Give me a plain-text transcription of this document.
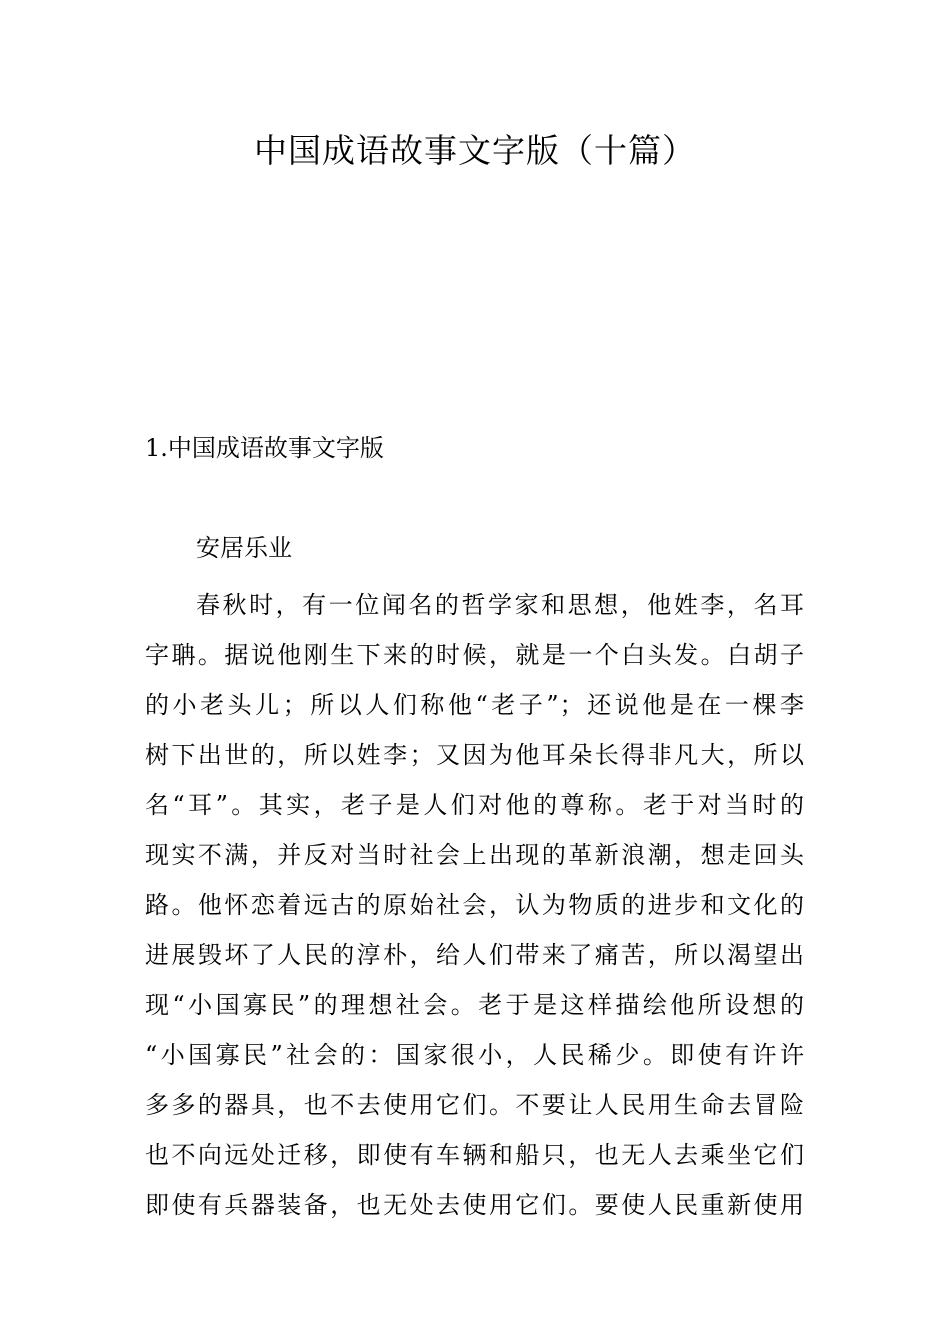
中国成语故事文字版（十篇）
1.中国成语故事文字版
安居乐业
春秋时，有一位闻名的哲学家和思想，他姓李，名耳
字聃。据说他刚生下来的时候，就是一个白头发。白胡子
的小老头儿；所以人们称他“老子”；还说他是在一棵李
树下出世的，所以姓李；又因为他耳朵长得非凡大，所以
名“耳”。其实，老子是人们对他的尊称。老于对当时的
现实不满，并反对当时社会上出现的革新浪潮，想走回头
路。他怀恋着远古的原始社会，认为物质的进步和文化的
进展毁坏了人民的淳朴，给人们带来了痛苦，所以渴望出
现“小国寡民”的理想社会。老于是这样描绘他所设想的
“小国寡民”社会的：国家很小，人民稀少。即使有许许
多多的器具，也不去使用它们。不要让人民用生命去冒险
也不向远处迁移，即使有车辆和船只，也无人去乘坐它们
即使有兵器装备，也无处去使用它们。要使人民重新使用
